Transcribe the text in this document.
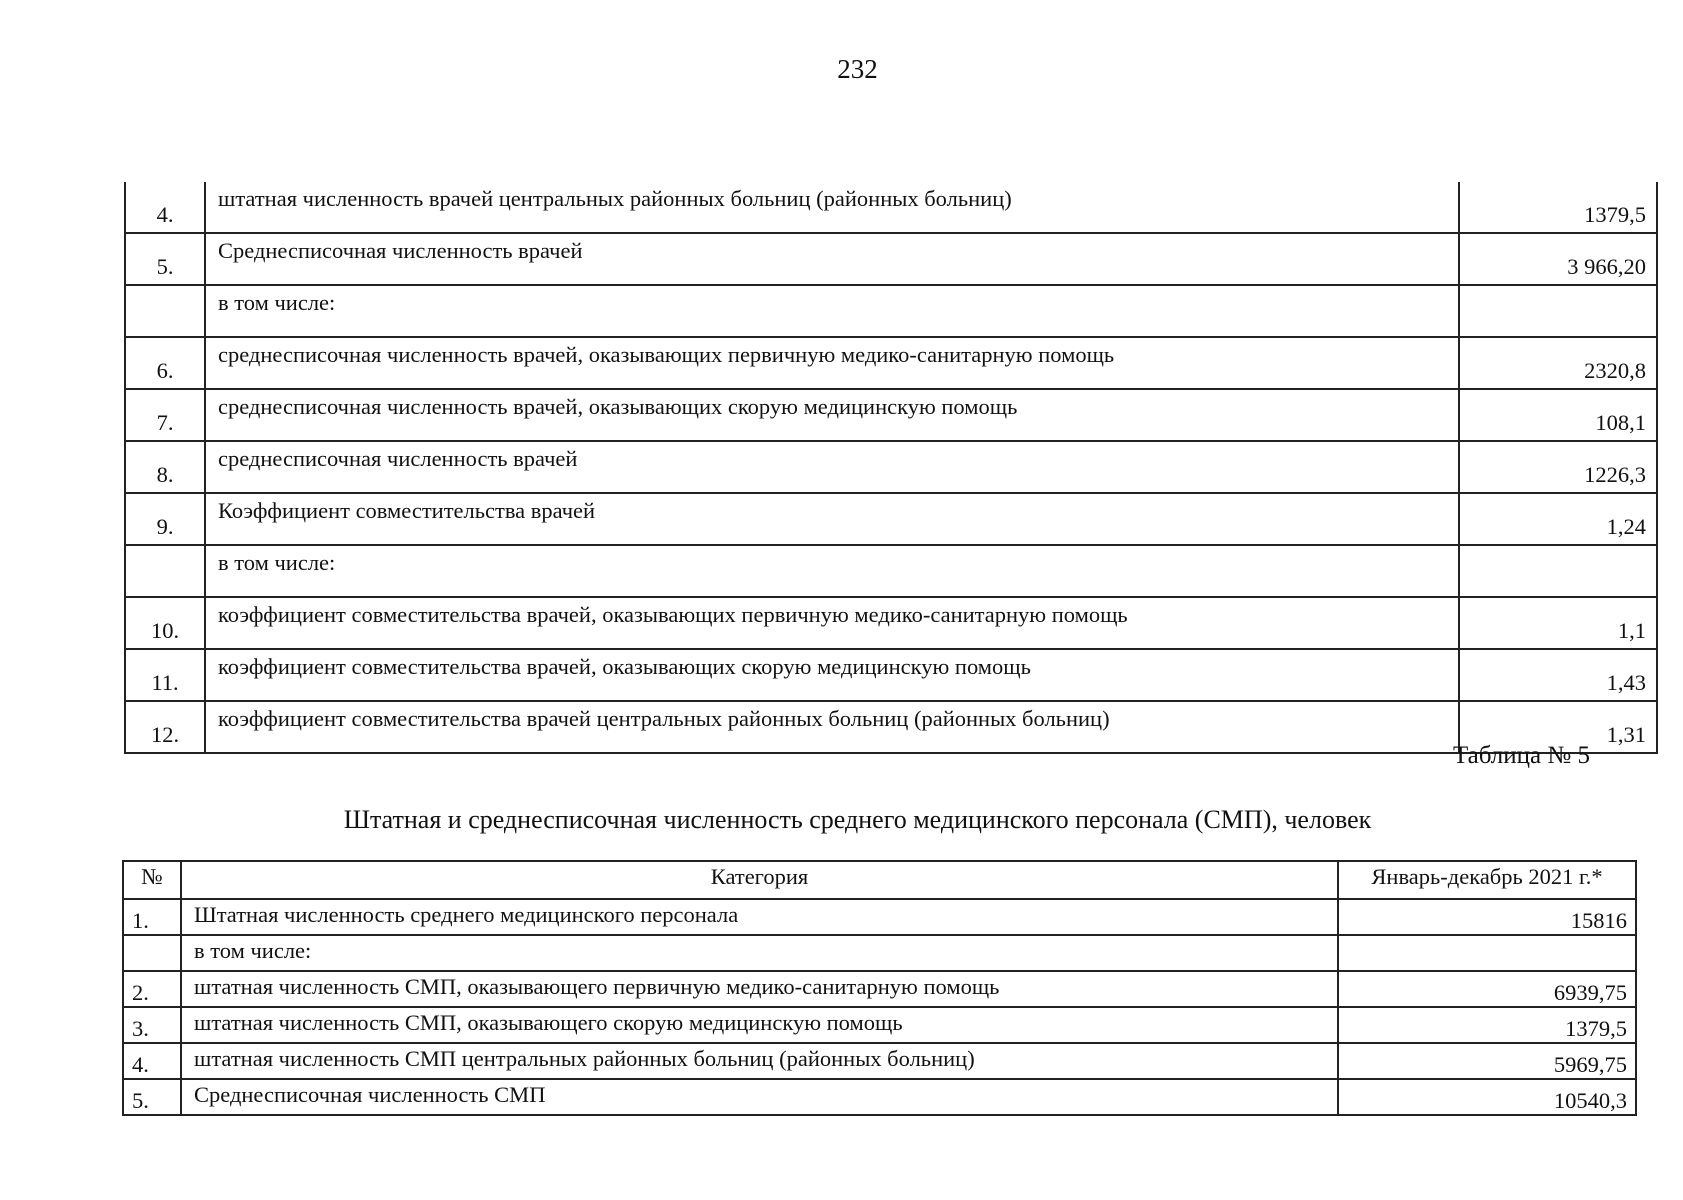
232
4.	штатная численность врачей центральных районных больниц (районных больниц)	1379,5
5.	Среднесписочная численность врачей	3 966,20
	в том числе:	
6.	среднесписочная численность врачей, оказывающих первичную медико-санитарную помощь	2320,8
7.	среднесписочная численность врачей, оказывающих скорую медицинскую помощь	108,1
8.	среднесписочная численность врачей	1226,3
9.	Коэффициент совместительства врачей	1,24
	в том числе:	
10.	коэффициент совместительства врачей, оказывающих первичную медико-санитарную помощь	1,1
11.	коэффициент совместительства врачей, оказывающих скорую медицинскую помощь	1,43
12.	коэффициент совместительства врачей центральных районных больниц (районных больниц)	1,31
Таблица № 5
Штатная и среднесписочная численность среднего медицинского персонала (СМП), человек
№	Категория	Январь-декабрь 2021 г.*
1.	Штатная численность среднего медицинского персонала	15816
	в том числе:	
2.	штатная численность СМП, оказывающего первичную медико-санитарную помощь	6939,75
3.	штатная численность СМП, оказывающего скорую медицинскую помощь	1379,5
4.	штатная численность СМП центральных районных больниц (районных больниц)	5969,75
5.	Среднесписочная численность СМП	10540,3
